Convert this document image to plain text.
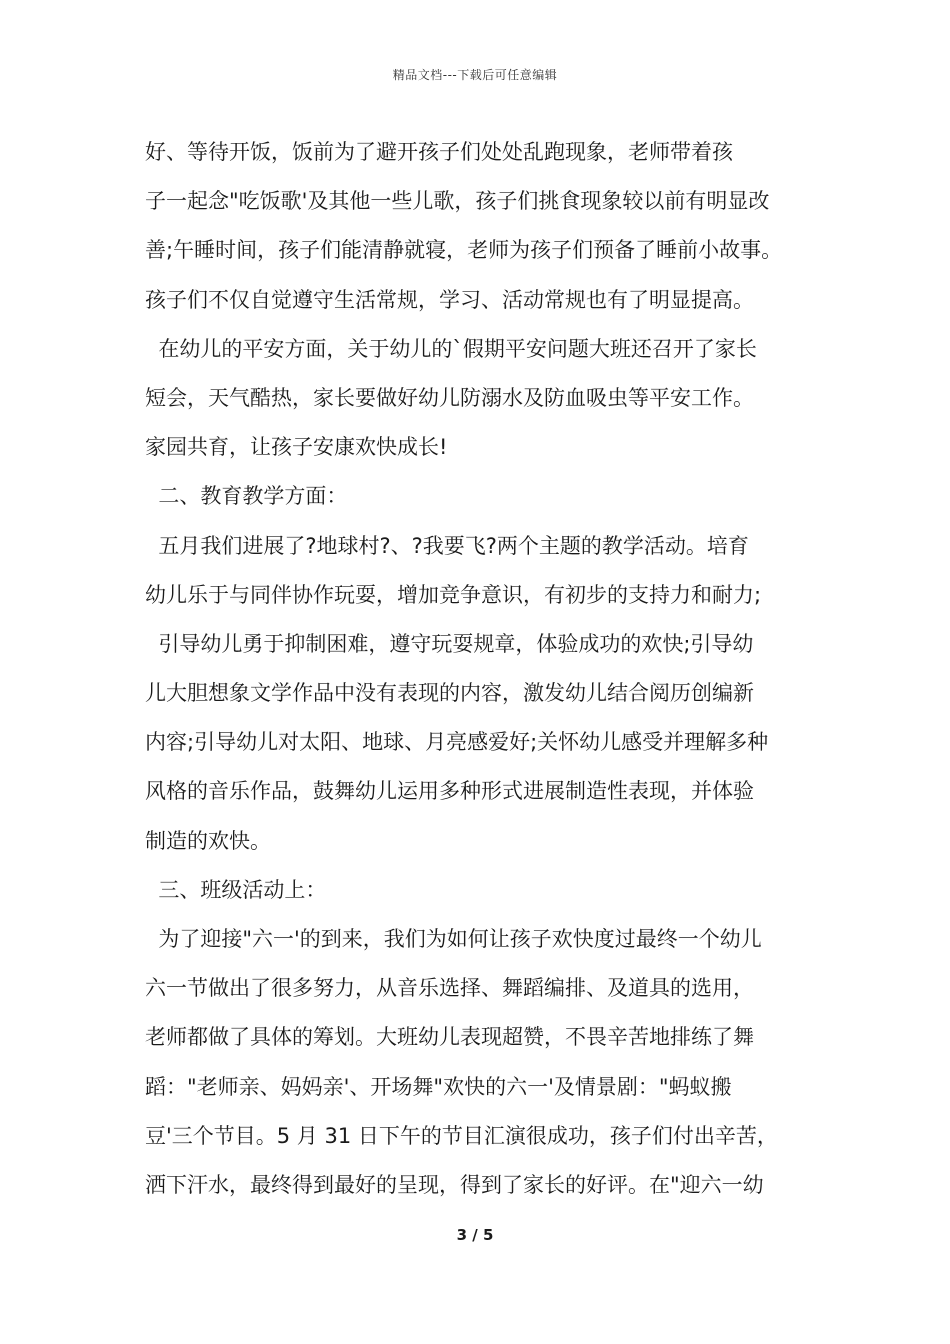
精品文档---下载后可任意编辑
好、等待开饭，饭前为了避开孩子们处处乱跑现象，老师带着孩
子一起念"吃饭歌'及其他一些儿歌，孩子们挑食现象较以前有明显改
善;午睡时间，孩子们能清静就寝，老师为孩子们预备了睡前小故事。
孩子们不仅自觉遵守生活常规，学习、活动常规也有了明显提高。
在幼儿的平安方面，关于幼儿的`假期平安问题大班还召开了家长
短会，天气酷热，家长要做好幼儿防溺水及防血吸虫等平安工作。
家园共育，让孩子安康欢快成长!
二、教育教学方面：
五月我们进展了?地球村?、?我要飞?两个主题的教学活动。培育
幼儿乐于与同伴协作玩耍，增加竞争意识，有初步的支持力和耐力;
引导幼儿勇于抑制困难，遵守玩耍规章，体验成功的欢快;引导幼
儿大胆想象文学作品中没有表现的内容，激发幼儿结合阅历创编新
内容;引导幼儿对太阳、地球、月亮感爱好;关怀幼儿感受并理解多种
风格的音乐作品，鼓舞幼儿运用多种形式进展制造性表现，并体验
制造的欢快。
三、班级活动上：
为了迎接"六一'的到来，我们为如何让孩子欢快度过最终一个幼儿
六一节做出了很多努力，从音乐选择、舞蹈编排、及道具的选用，
老师都做了具体的筹划。大班幼儿表现超赞，不畏辛苦地排练了舞
蹈："老师亲、妈妈亲'、开场舞"欢快的六一'及情景剧："蚂蚁搬
豆'三个节目。5 月 31 日下午的节目汇演很成功，孩子们付出辛苦，
洒下汗水，最终得到最好的呈现，得到了家长的好评。在"迎六一幼
3 / 5
